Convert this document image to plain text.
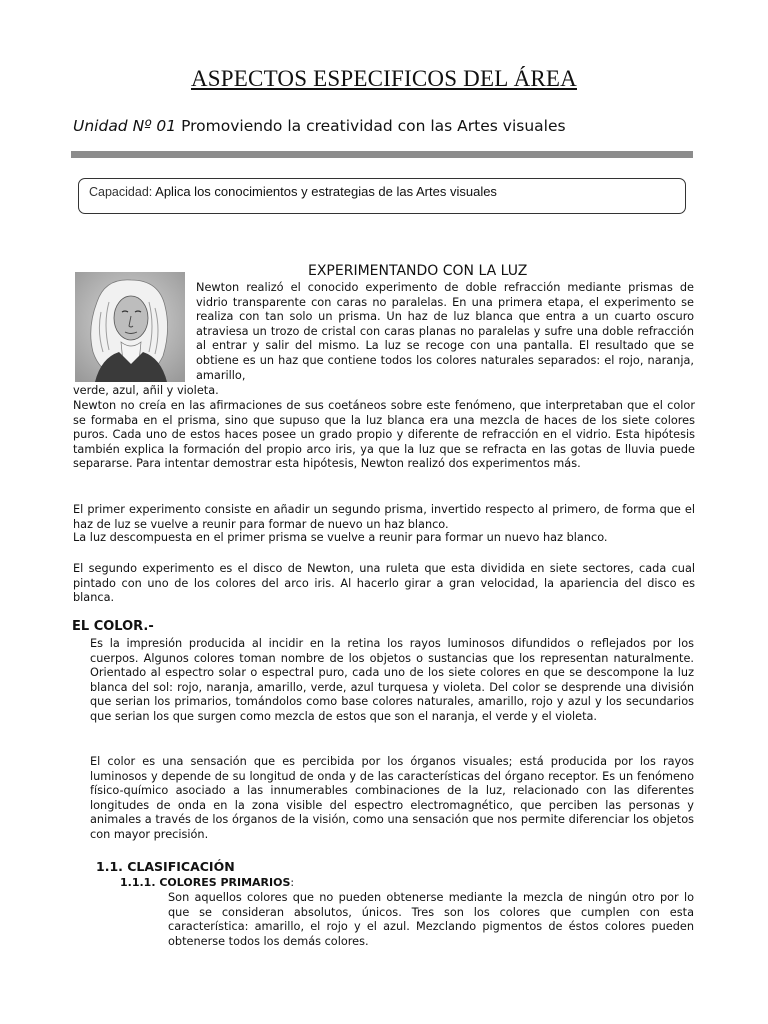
ASPECTOS ESPECIFICOS DEL ÁREA

Unidad Nº 01 Promoviendo la creatividad con las Artes visuales

Capacidad: Aplica los conocimientos y estrategias de las Artes visuales
EXPERIMENTANDO CON LA LUZ

Newton realizó el conocido experimento de doble refracción mediante prismas de vidrio transparente con caras no paralelas. En una primera etapa, el experimento se realiza con tan solo un prisma. Un haz de luz blanca que entra a un cuarto oscuro atraviesa un trozo de cristal con caras planas no paralelas y sufre una doble refracción al entrar y salir del mismo. La luz se recoge con una pantalla. El resultado que se obtiene es un haz que contiene todos los colores naturales separados: el rojo, naranja, amarillo,

verde, azul, añil y violeta.

Newton no creía en las afirmaciones de sus coetáneos sobre este fenómeno, que interpretaban que el color se formaba en el prisma, sino que supuso que la luz blanca era una mezcla de haces de los siete colores puros. Cada uno de estos haces posee un grado propio y diferente de refracción en el vidrio. Esta hipótesis también explica la formación del propio arco iris, ya que la luz que se refracta en las gotas de lluvia puede separarse. Para intentar demostrar esta hipótesis, Newton realizó dos experimentos más.

El primer experimento consiste en añadir un segundo prisma, invertido respecto al primero, de forma que el haz de luz se vuelve a reunir para formar de nuevo un haz blanco.

La luz descompuesta en el primer prisma se vuelve a reunir para formar un nuevo haz blanco.

El segundo experimento es el disco de Newton, una ruleta que esta dividida en siete sectores, cada cual pintado con uno de los colores del arco iris. Al hacerlo girar a gran velocidad, la apariencia del disco es blanca.

EL COLOR.-

Es la impresión producida al incidir en la retina los rayos luminosos difundidos o reflejados por los cuerpos. Algunos colores toman nombre de los objetos o sustancias que los representan naturalmente. Orientado al espectro solar o espectral puro, cada uno de los siete colores en que se descompone la luz blanca del sol: rojo, naranja, amarillo, verde, azul turquesa y violeta. Del color se desprende una división que serian los primarios, tomándolos como base colores naturales, amarillo, rojo y azul y los secundarios que serian los que surgen como mezcla de estos que son el naranja, el verde y el violeta.

El color es una sensación que es percibida por los órganos visuales; está producida por los rayos luminosos y depende de su longitud de onda y de las características del órgano receptor. Es un fenómeno físico-químico asociado a las innumerables combinaciones de la luz, relacionado con las diferentes longitudes de onda en la zona visible del espectro electromagnético, que perciben las personas y animales a través de los órganos de la visión, como una sensación que nos permite diferenciar los objetos con mayor precisión.

1.1. CLASIFICACIÓN

1.1.1. COLORES PRIMARIOS:

Son aquellos colores que no pueden obtenerse mediante la mezcla de ningún otro por lo que se consideran absolutos, únicos. Tres son los colores que cumplen con esta característica: amarillo, el rojo y el azul. Mezclando pigmentos de éstos colores pueden obtenerse todos los demás colores.
